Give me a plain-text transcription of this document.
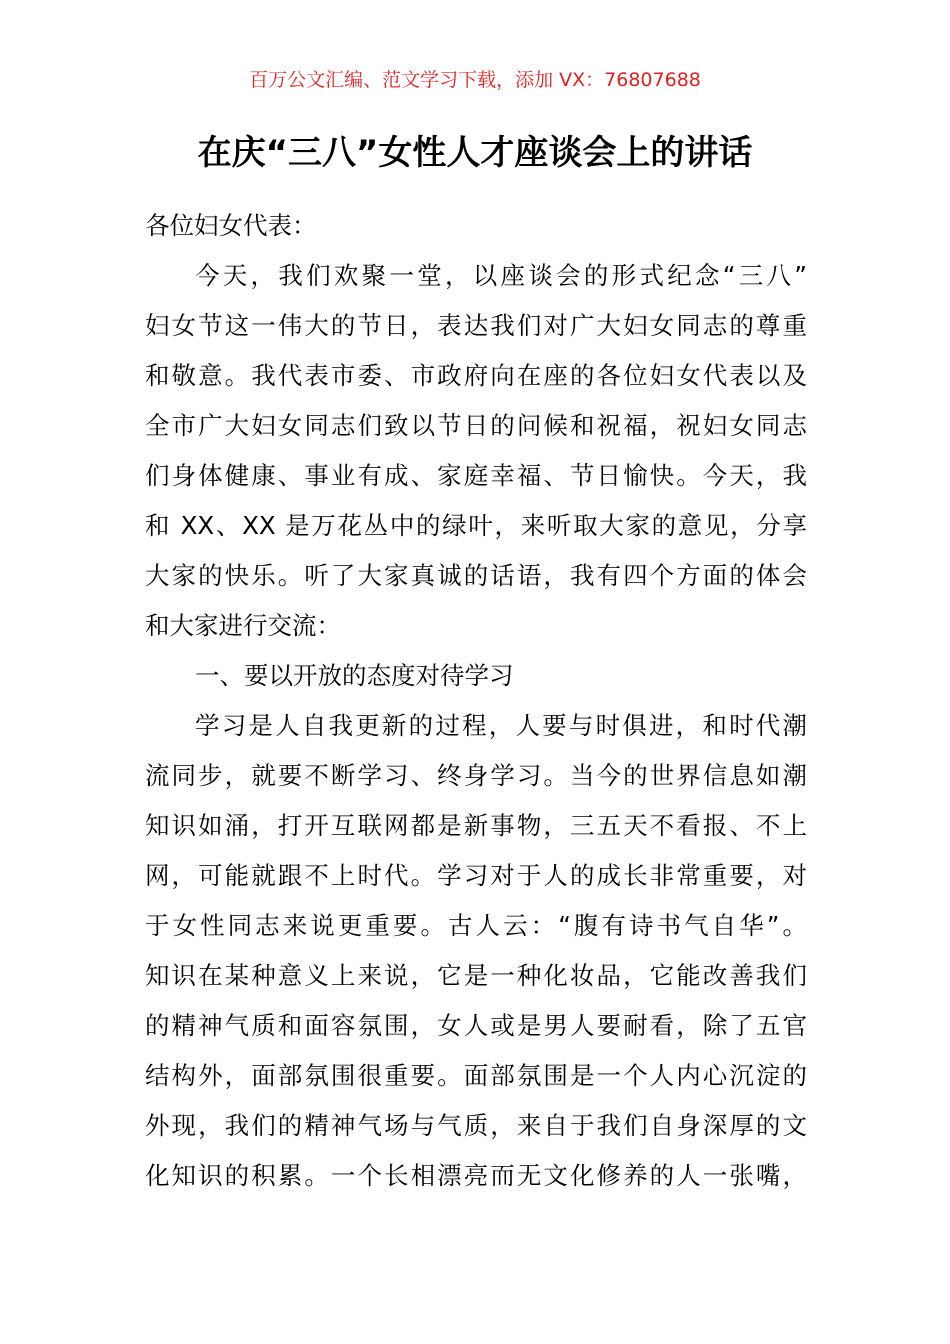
百万公文汇编、范文学习下载，添加 VX：76807688
在庆“三八”女性人才座谈会上的讲话
各位妇女代表：
今天，我们欢聚一堂，以座谈会的形式纪念“三八”
妇女节这一伟大的节日，表达我们对广大妇女同志的尊重
和敬意。我代表市委、市政府向在座的各位妇女代表以及
全市广大妇女同志们致以节日的问候和祝福，祝妇女同志
们身体健康、事业有成、家庭幸福、节日愉快。今天，我
和 XX、XX 是万花丛中的绿叶，来听取大家的意见，分享
大家的快乐。听了大家真诚的话语，我有四个方面的体会
和大家进行交流：
一、要以开放的态度对待学习
学习是人自我更新的过程，人要与时俱进，和时代潮
流同步，就要不断学习、终身学习。当今的世界信息如潮
知识如涌，打开互联网都是新事物，三五天不看报、不上
网，可能就跟不上时代。学习对于人的成长非常重要，对
于女性同志来说更重要。古人云：“腹有诗书气自华”。
知识在某种意义上来说，它是一种化妆品，它能改善我们
的精神气质和面容氛围，女人或是男人要耐看，除了五官
结构外，面部氛围很重要。面部氛围是一个人内心沉淀的
外现，我们的精神气场与气质，来自于我们自身深厚的文
化知识的积累。一个长相漂亮而无文化修养的人一张嘴，
